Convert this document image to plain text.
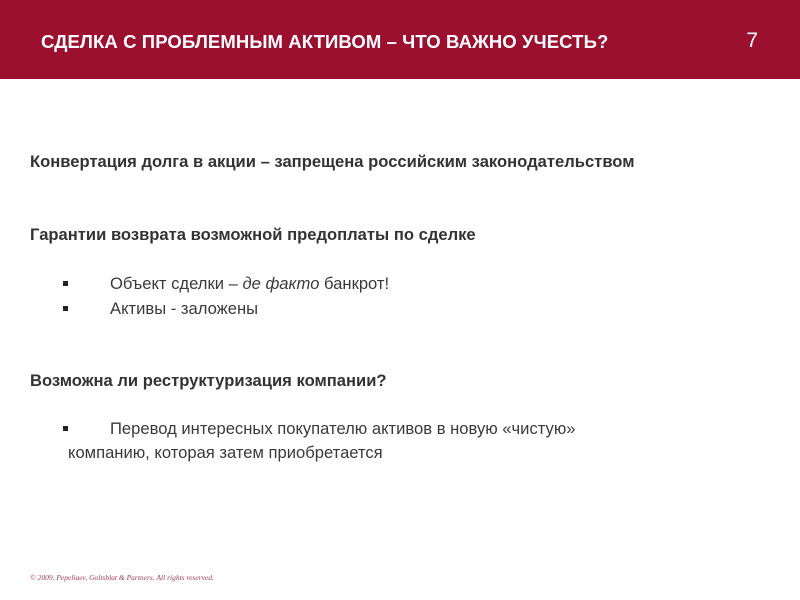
СДЕЛКА С ПРОБЛЕМНЫМ АКТИВОМ – ЧТО ВАЖНО УЧЕСТЬ?	7
Конвертация долга в акции – запрещена российским законодательством
Гарантии возврата возможной предоплаты по сделке
Объект сделки – де факто банкрот!
Активы - заложены
Возможна ли реструктуризация компании?
Перевод интересных покупателю активов в новую «чистую»
компанию, которая затем приобретается
© 2009. Pepeliaev, Goltsblat & Partners. All rights reserved.
